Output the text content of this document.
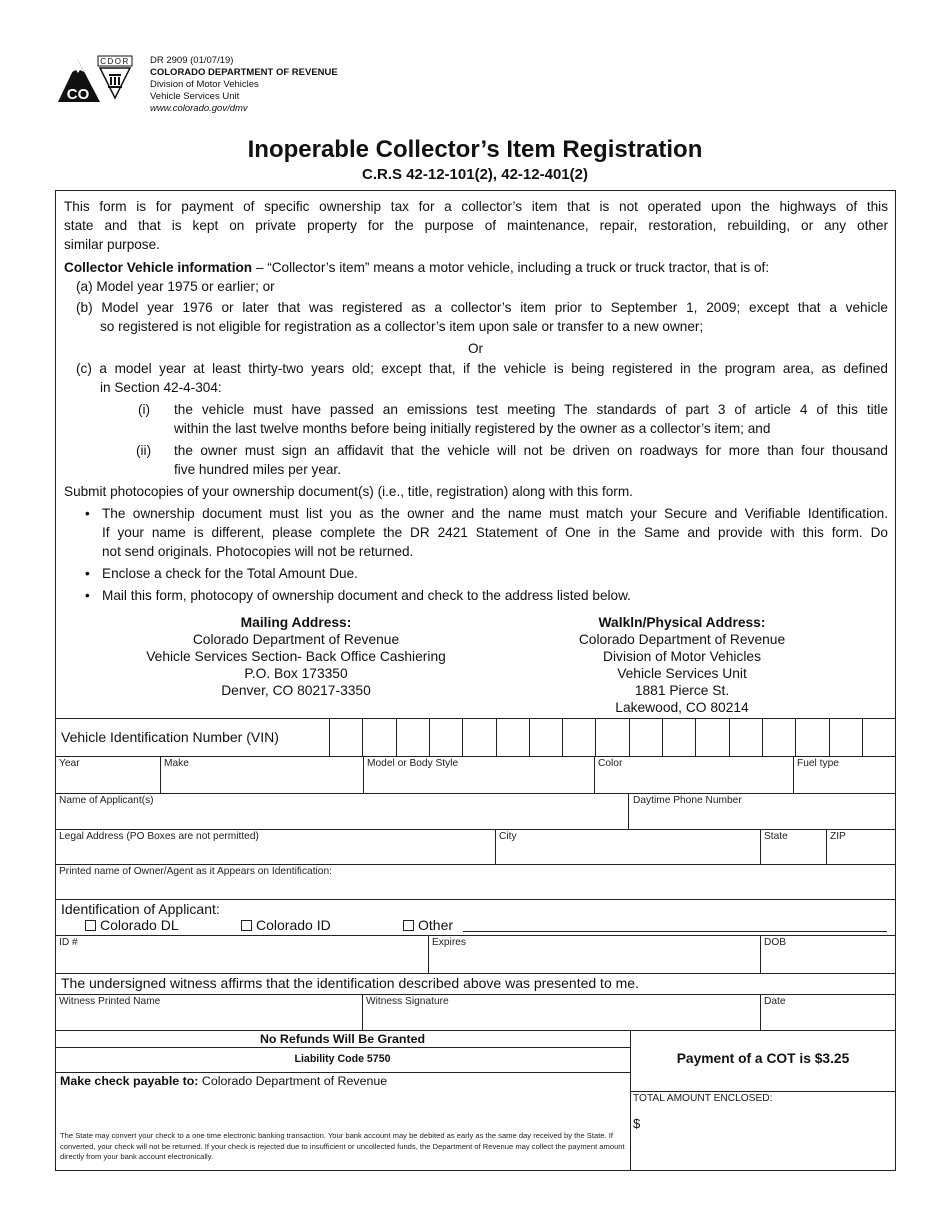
CO
CDOR DR 2909 (01/07/19)
COLORADO DEPARTMENT OF REVENUE
Division of Motor Vehicles
Vehicle Services Unit
www.colorado.gov/dmv
Inoperable Collector’s Item Registration
C.R.S 42-12-101(2), 42-12-401(2)
This form is for payment of specific ownership tax for a collector’s item that is not operated upon the highways of this
state and that is kept on private property for the purpose of maintenance, repair, restoration, rebuilding, or any other
similar purpose.
Collector Vehicle information – “Collector’s item” means a motor vehicle, including a truck or truck tractor, that is of:
(a) Model year 1975 or earlier; or
(b) Model year 1976 or later that was registered as a collector’s item prior to September 1, 2009; except that a vehicle
so registered is not eligible for registration as a collector’s item upon sale or transfer to a new owner;
Or
(c) a model year at least thirty-two years old; except that, if the vehicle is being registered in the program area, as defined
in Section 42-4-304:
(i) the vehicle must have passed an emissions test meeting The standards of part 3 of article 4 of this title
within the last twelve months before being initially registered by the owner as a collector’s item; and
(ii) the owner must sign an affidavit that the vehicle will not be driven on roadways for more than four thousand
five hundred miles per year.
Submit photocopies of your ownership document(s) (i.e., title, registration) along with this form.
• The ownership document must list you as the owner and the name must match your Secure and Verifiable Identification.
If your name is different, please complete the DR 2421 Statement of One in the Same and provide with this form. Do
not send originals. Photocopies will not be returned.
• Enclose a check for the Total Amount Due.
• Mail this form, photocopy of ownership document and check to the address listed below.
Mailing Address:
Colorado Department of Revenue
Vehicle Services Section- Back Office Cashiering
P.O. Box 173350
Denver, CO 80217-3350
Walkln/Physical Address:
Colorado Department of Revenue
Division of Motor Vehicles
Vehicle Services Unit
1881 Pierce St.
Lakewood, CO 80214
Vehicle Identification Number (VIN)
Year	Make	Model or Body Style	Color	Fuel type
Name of Applicant(s)	Daytime Phone Number
Legal Address (PO Boxes are not permitted)	City	State	ZIP
Printed name of Owner/Agent as it Appears on Identification:
Identification of Applicant:
Colorado DL	Colorado ID	Other
ID #	Expires	DOB
The undersigned witness affirms that the identification described above was presented to me.
Witness Printed Name	Witness Signature	Date
No Refunds Will Be Granted
Liability Code 5750
Make check payable to: Colorado Department of Revenue
The State may convert your check to a one time electronic banking transaction. Your bank account may be debited as early as the same day received by the State. If converted, your check will not be returned. If your check is rejected due to insufficient or uncollected funds, the Department of Revenue may collect the payment amount directly from your bank account electronically.
Payment of a COT is $3.25
TOTAL AMOUNT ENCLOSED:
$
